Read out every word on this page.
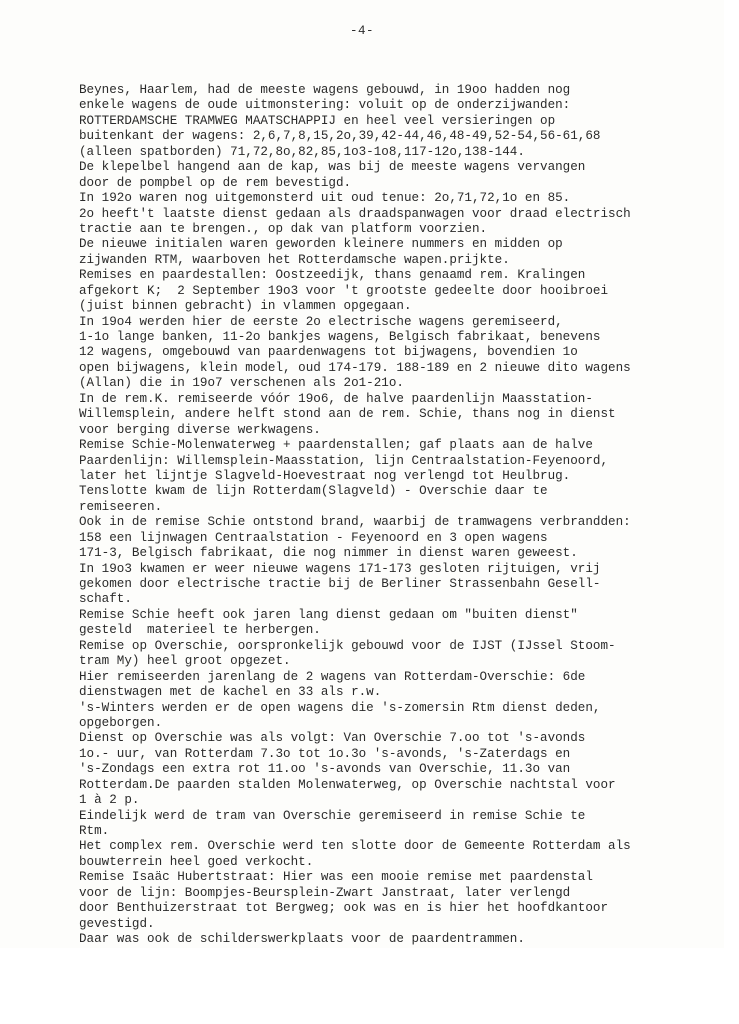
-4-
Beynes, Haarlem, had de meeste wagens gebouwd, in 19oo hadden nog
enkele wagens de oude uitmonstering: voluit op de onderzijwanden:
ROTTERDAMSCHE TRAMWEG MAATSCHAPPIJ en heel veel versieringen op
buitenkant der wagens: 2,6,7,8,15,2o,39,42-44,46,48-49,52-54,56-61,68
(alleen spatborden) 71,72,8o,82,85,1o3-1o8,117-12o,138-144.
De klepelbel hangend aan de kap, was bij de meeste wagens vervangen
door de pompbel op de rem bevestigd.
In 192o waren nog uitgemonsterd uit oud tenue: 2o,71,72,1o en 85.
2o heeft't laatste dienst gedaan als draadspanwagen voor draad electrisch
tractie aan te brengen., op dak van platform voorzien.
De nieuwe initialen waren geworden kleinere nummers en midden op
zijwanden RTM, waarboven het Rotterdamsche wapen.prijkte.
Remises en paardestallen: Oostzeedijk, thans genaamd rem. Kralingen
afgekort K;  2 September 19o3 voor 't grootste gedeelte door hooibroei
(juist binnen gebracht) in vlammen opgegaan.
In 19o4 werden hier de eerste 2o electrische wagens geremiseerd,
1-1o lange banken, 11-2o bankjes wagens, Belgisch fabrikaat, benevens
12 wagens, omgebouwd van paardenwagens tot bijwagens, bovendien 1o
open bijwagens, klein model, oud 174-179. 188-189 en 2 nieuwe dito wagens
(Allan) die in 19o7 verschenen als 2o1-21o.
In de rem.K. remiseerde vóór 19o6, de halve paardenlijn Maasstation-
Willemsplein, andere helft stond aan de rem. Schie, thans nog in dienst
voor berging diverse werkwagens.
Remise Schie-Molenwaterweg + paardenstallen; gaf plaats aan de halve
Paardenlijn: Willemsplein-Maasstation, lijn Centraalstation-Feyenoord,
later het lijntje Slagveld-Hoevestraat nog verlengd tot Heulbrug.
Tenslotte kwam de lijn Rotterdam(Slagveld) - Overschie daar te
remiseeren.
Ook in de remise Schie ontstond brand, waarbij de tramwagens verbrandden:
158 een lijnwagen Centraalstation - Feyenoord en 3 open wagens
171-3, Belgisch fabrikaat, die nog nimmer in dienst waren geweest.
In 19o3 kwamen er weer nieuwe wagens 171-173 gesloten rijtuigen, vrij
gekomen door electrische tractie bij de Berliner Strassenbahn Gesell-
schaft.
Remise Schie heeft ook jaren lang dienst gedaan om "buiten dienst"
gesteld  materieel te herbergen.
Remise op Overschie, oorspronkelijk gebouwd voor de IJST (IJssel Stoom-
tram My) heel groot opgezet.
Hier remiseerden jarenlang de 2 wagens van Rotterdam-Overschie: 6de
dienstwagen met de kachel en 33 als r.w.
's-Winters werden er de open wagens die 's-zomersin Rtm dienst deden,
opgeborgen.
Dienst op Overschie was als volgt: Van Overschie 7.oo tot 's-avonds
1o.- uur, van Rotterdam 7.3o tot 1o.3o 's-avonds, 's-Zaterdags en
's-Zondags een extra rot 11.oo 's-avonds van Overschie, 11.3o van
Rotterdam.De paarden stalden Molenwaterweg, op Overschie nachtstal voor
1 à 2 p.
Eindelijk werd de tram van Overschie geremiseerd in remise Schie te
Rtm.
Het complex rem. Overschie werd ten slotte door de Gemeente Rotterdam als
bouwterrein heel goed verkocht.
Remise Isaäc Hubertstraat: Hier was een mooie remise met paardenstal
voor de lijn: Boompjes-Beursplein-Zwart Janstraat, later verlengd
door Benthuizerstraat tot Bergweg; ook was en is hier het hoofdkantoor
gevestigd.
Daar was ook de schilderswerkplaats voor de paardentrammen.
